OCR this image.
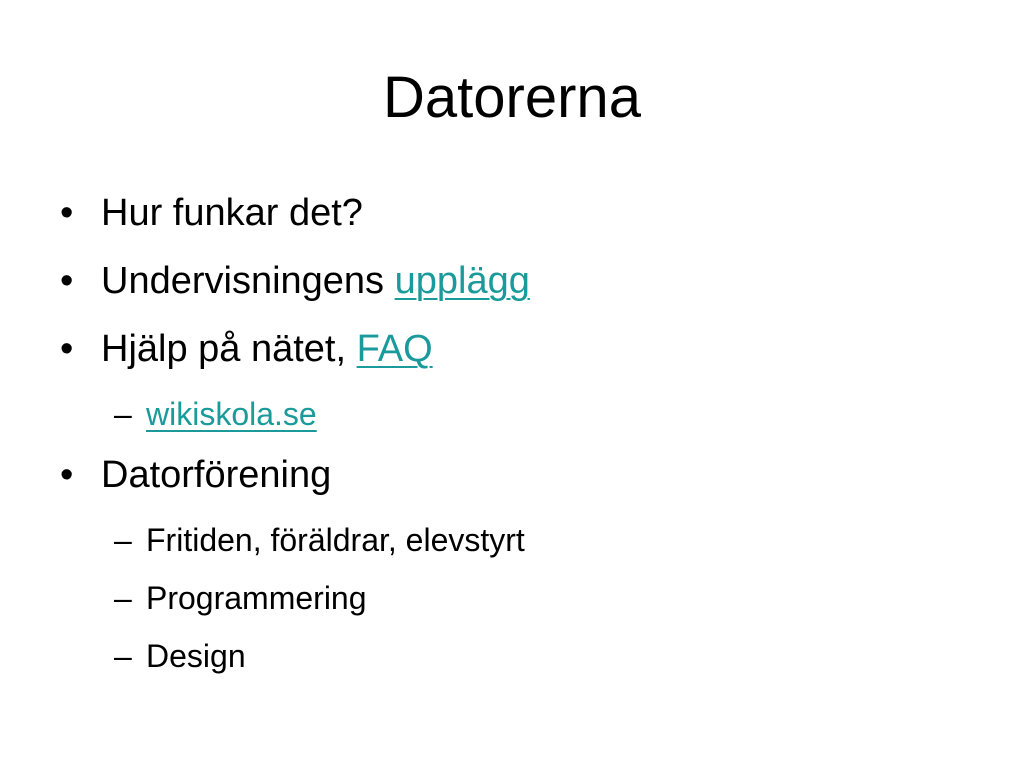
Datorerna
• Hur funkar det?
• Undervisningens upplägg
• Hjälp på nätet, FAQ
– wikiskola.se
• Datorförening
– Fritiden, föräldrar, elevstyrt
– Programmering
– Design
